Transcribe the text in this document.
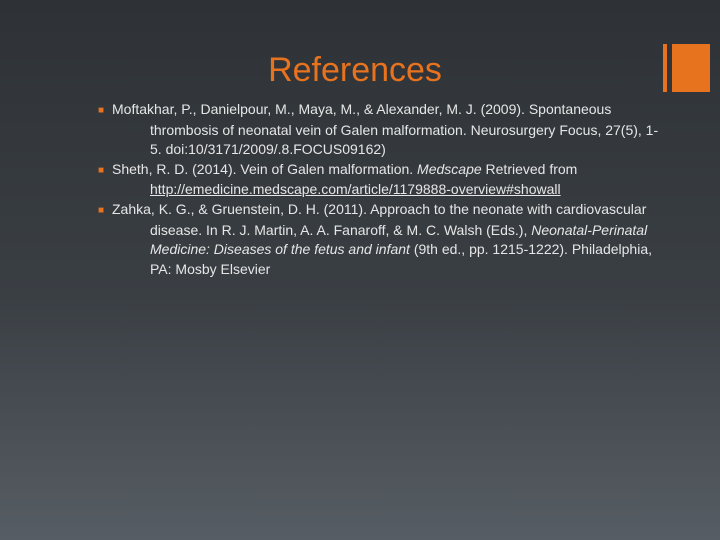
References
■ Moftakhar, P., Danielpour, M., Maya, M., & Alexander, M. J. (2009). Spontaneous thrombosis of neonatal vein of Galen malformation. Neurosurgery Focus, 27(5), 1-5. doi:10/3171/2009/.8.FOCUS09162)
■ Sheth, R. D. (2014). Vein of Galen malformation. Medscape Retrieved from http://emedicine.medscape.com/article/1179888-overview#showall
■ Zahka, K. G., & Gruenstein, D. H. (2011). Approach to the neonate with cardiovascular disease. In R. J. Martin, A. A. Fanaroff, & M. C. Walsh (Eds.), Neonatal-Perinatal Medicine: Diseases of the fetus and infant (9th ed., pp. 1215-1222). Philadelphia, PA: Mosby Elsevier
